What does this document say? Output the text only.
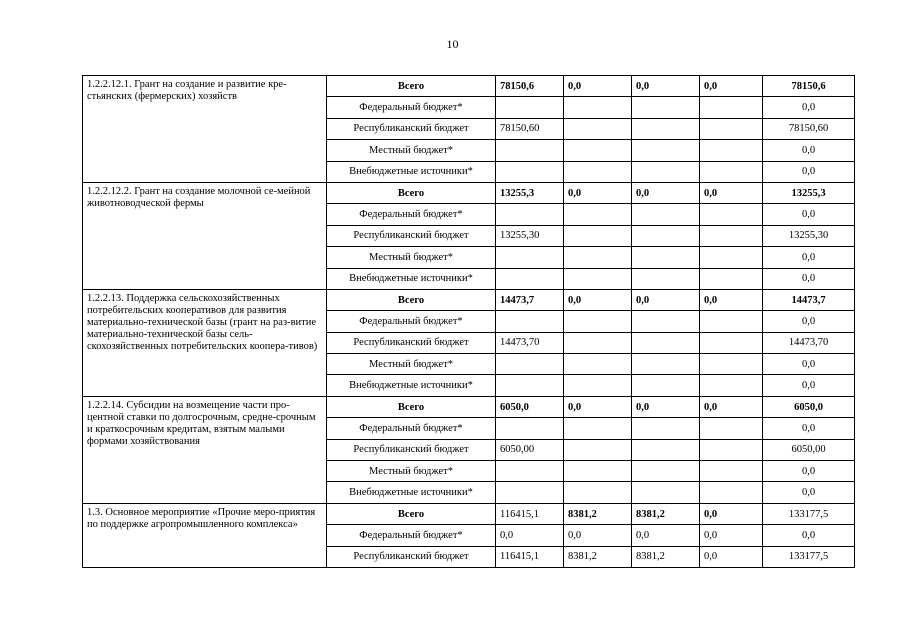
10
1.2.2.12.1. Грант на создание и развитие кре-стьянских (фермерских) хозяйств	Всего	78150,6	0,0	0,0	0,0	78150,6
	Федеральный бюджет*					0,0
	Республиканский бюджет	78150,60				78150,60
	Местный бюджет*					0,0
	Внебюджетные источники*					0,0
1.2.2.12.2. Грант на создание молочной се-мейной животноводческой фермы	Всего	13255,3	0,0	0,0	0,0	13255,3
	Федеральный бюджет*					0,0
	Республиканский бюджет	13255,30				13255,30
	Местный бюджет*					0,0
	Внебюджетные источники*					0,0
1.2.2.13. Поддержка сельскохозяйственных потребительских кооперативов для развития материально-технической базы (грант на раз-витие материально-технической базы сель-скохозяйственных потребительских коопера-тивов)	Всего	14473,7	0,0	0,0	0,0	14473,7
	Федеральный бюджет*					0,0
	Республиканский бюджет	14473,70				14473,70
	Местный бюджет*					0,0
	Внебюджетные источники*					0,0
1.2.2.14. Субсидии на возмещение части про-центной ставки по долгосрочным, средне-срочным и краткосрочным кредитам, взятым малыми формами хозяйствования	Всего	6050,0	0,0	0,0	0,0	6050,0
	Федеральный бюджет*					0,0
	Республиканский бюджет	6050,00				6050,00
	Местный бюджет*					0,0
	Внебюджетные источники*					0,0
1.3. Основное мероприятие «Прочие меро-приятия по поддержке агропромышленного комплекса»	Всего	116415,1	8381,2	8381,2	0,0	133177,5
	Федеральный бюджет*	0,0	0,0	0,0	0,0	0,0
	Республиканский бюджет	116415,1	8381,2	8381,2	0,0	133177,5
